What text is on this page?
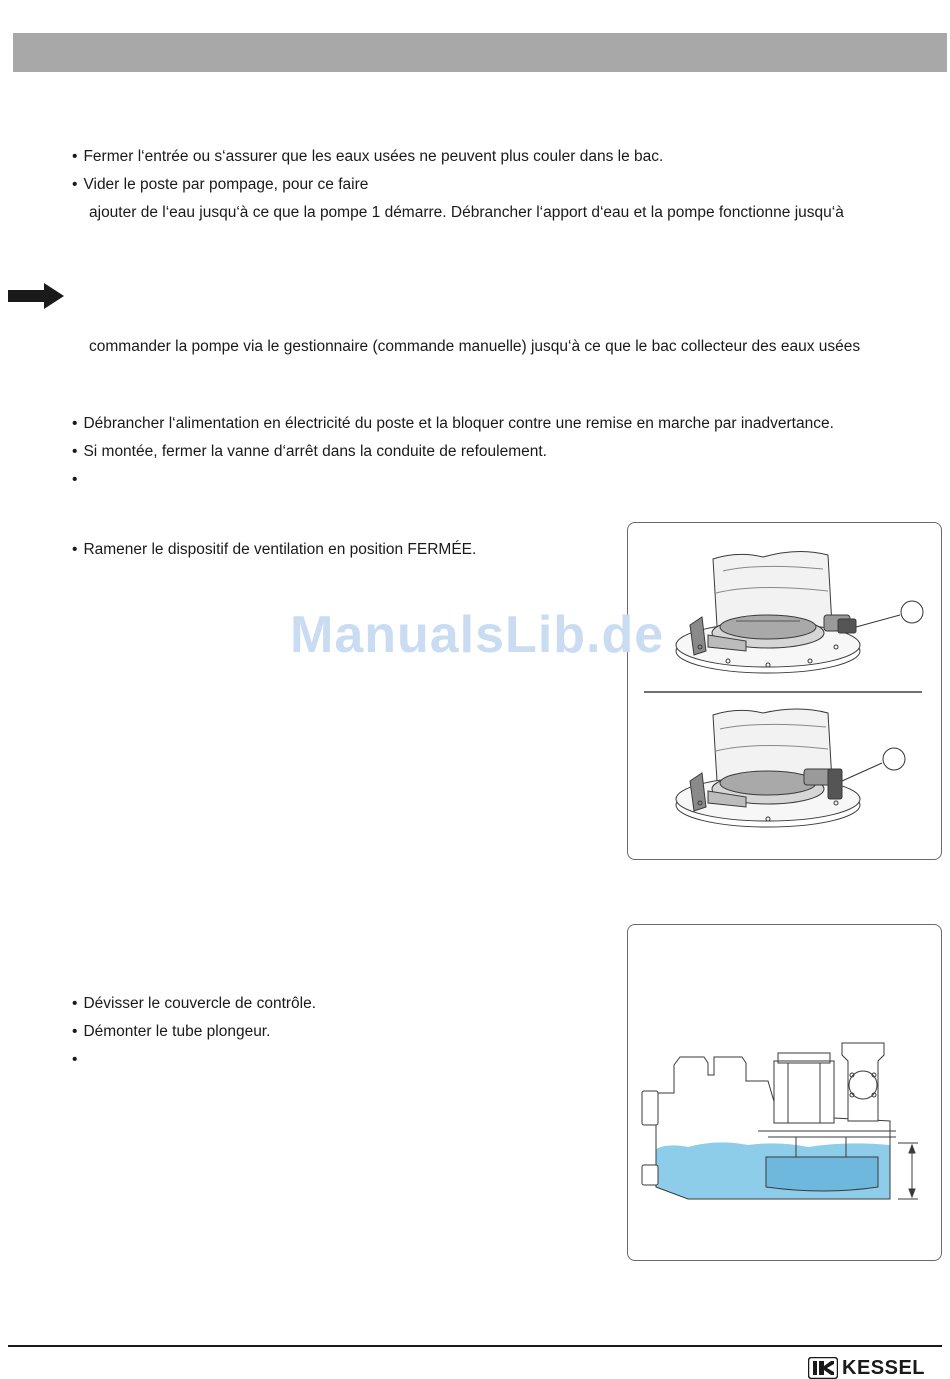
• Fermer l‘entrée ou s‘assurer que les eaux usées ne peuvent plus couler dans le bac.
• Vider le poste par pompage, pour ce faire
ajouter de l‘eau jusqu‘à ce que la pompe 1 démarre. Débrancher l‘apport d‘eau et la pompe fonctionne jusqu‘à
commander la pompe via le gestionnaire (commande manuelle) jusqu‘à ce que le bac collecteur des eaux usées
• Débrancher l‘alimentation en électricité du poste et la bloquer contre une remise en marche par inadvertance.
• Si montée, fermer la vanne d‘arrêt dans la conduite de refoulement.
•
• Ramener le dispositif de ventilation en position FERMÉE.
ManualsLib.de
• Dévisser le couvercle de contrôle.
• Démonter le tube plongeur.
•
KESSEL
